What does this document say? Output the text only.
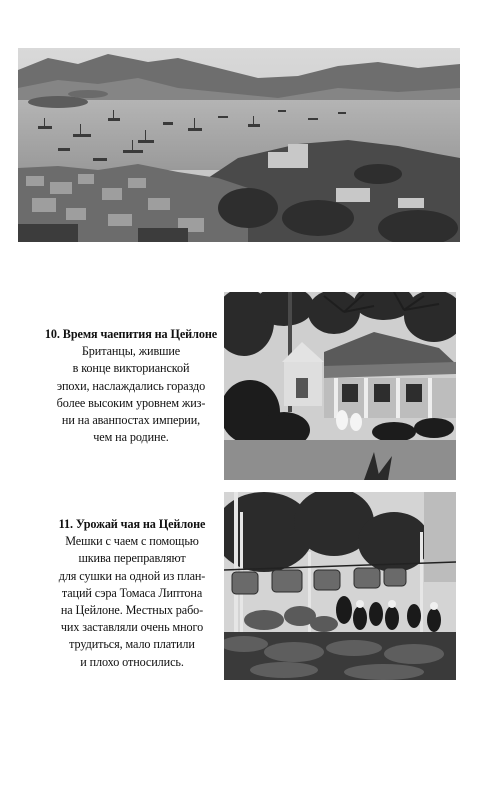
10. Время чаепития на Цейлоне
Британцы, жившие
в конце викторианской
эпохи, наслаждались гораздо
более высоким уровнем жиз-
ни на аванпостах империи,
чем на родине.
11. Урожай чая на Цейлоне
Мешки с чаем с помощью
шкива переправляют
для сушки на одной из план-
таций сэра Томаса Липтона
на Цейлоне. Местных рабо-
чих заставляли очень много
трудиться, мало платили
и плохо относились.
